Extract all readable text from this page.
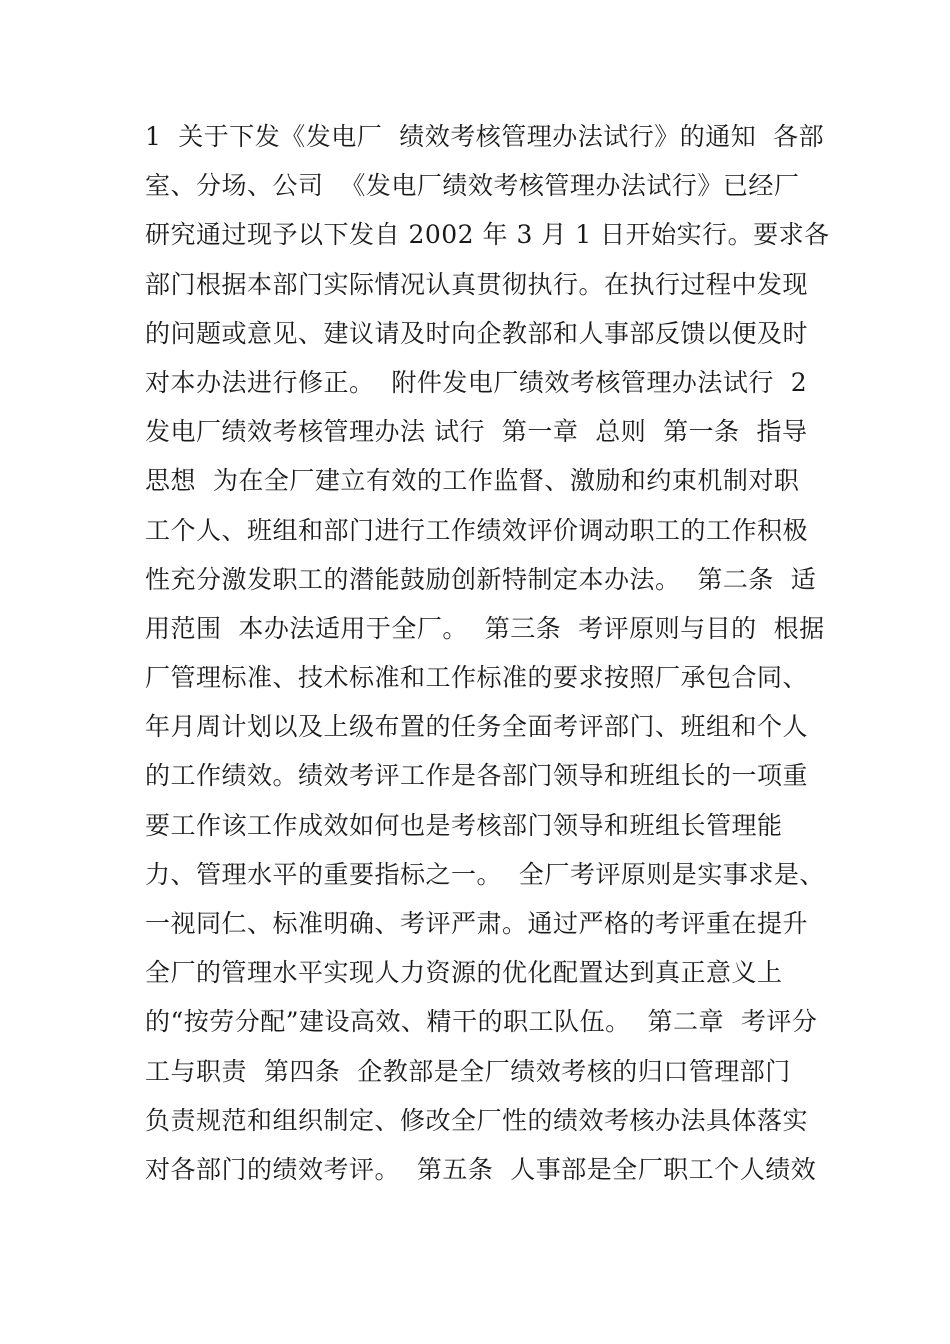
1  关于下发《发电厂  绩效考核管理办法试行》的通知  各部
室、分场、公司  《发电厂绩效考核管理办法试行》已经厂
研究通过现予以下发自 2002 年 3 月 1 日开始实行。要求各
部门根据本部门实际情况认真贯彻执行。在执行过程中发现
的问题或意见、建议请及时向企教部和人事部反馈以便及时
对本办法进行修正。  附件发电厂绩效考核管理办法试行  2
发电厂绩效考核管理办法 试行  第一章  总则  第一条  指导
思想  为在全厂建立有效的工作监督、激励和约束机制对职
工个人、班组和部门进行工作绩效评价调动职工的工作积极
性充分激发职工的潜能鼓励创新特制定本办法。  第二条  适
用范围  本办法适用于全厂。  第三条  考评原则与目的  根据
厂管理标准、技术标准和工作标准的要求按照厂承包合同、
年月周计划以及上级布置的任务全面考评部门、班组和个人
的工作绩效。绩效考评工作是各部门领导和班组长的一项重
要工作该工作成效如何也是考核部门领导和班组长管理能
力、管理水平的重要指标之一。  全厂考评原则是实事求是、
一视同仁、标准明确、考评严肃。通过严格的考评重在提升
全厂的管理水平实现人力资源的优化配置达到真正意义上
的“按劳分配”建设高效、精干的职工队伍。  第二章  考评分
工与职责  第四条  企教部是全厂绩效考核的归口管理部门
负责规范和组织制定、修改全厂性的绩效考核办法具体落实
对各部门的绩效考评。  第五条  人事部是全厂职工个人绩效
